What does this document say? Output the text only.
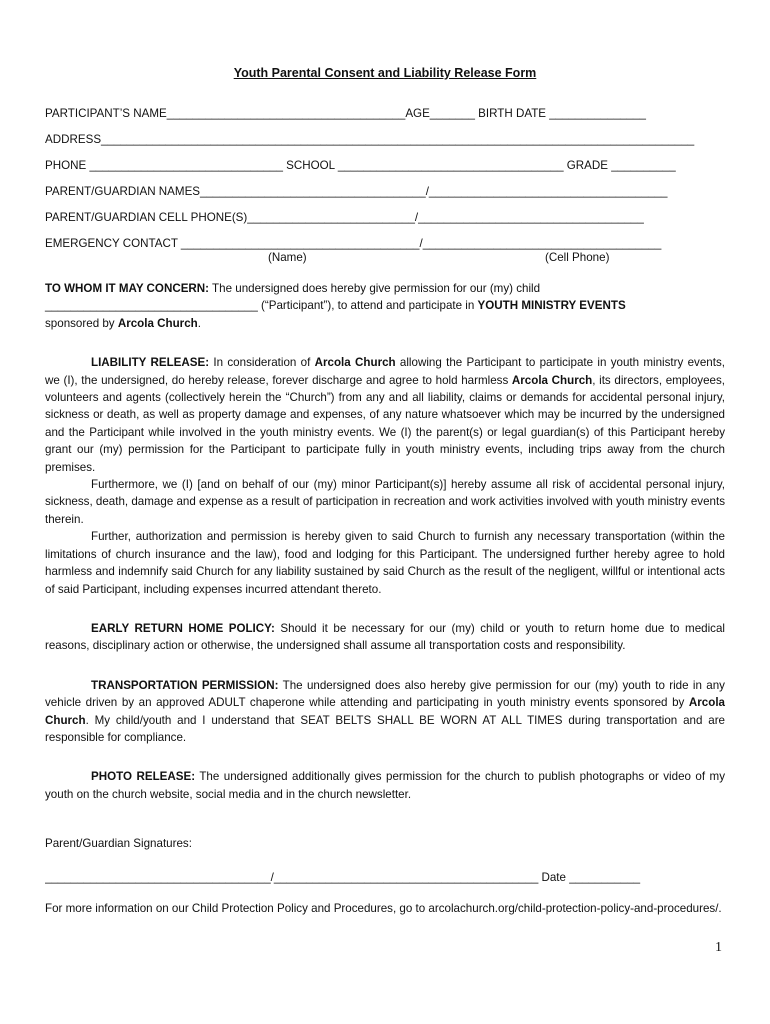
Youth Parental Consent and Liability Release Form
PARTICIPANT’S NAME_____________________________________AGE_______ BIRTH DATE _______________
ADDRESS____________________________________________________________________________________________
PHONE ______________________________ SCHOOL ___________________________________ GRADE __________
PARENT/GUARDIAN NAMES___________________________________/_____________________________________
PARENT/GUARDIAN CELL PHONE(S)__________________________/___________________________________
EMERGENCY CONTACT _____________________________________/_____________________________________
(Name)	(Cell Phone)

TO WHOM IT MAY CONCERN: The undersigned does hereby give permission for our (my) child
_________________________________ (“Participant”), to attend and participate in YOUTH MINISTRY EVENTS
sponsored by Arcola Church.

LIABILITY RELEASE: In consideration of Arcola Church allowing the Participant to participate in youth ministry events, we (I), the undersigned, do hereby release, forever discharge and agree to hold harmless Arcola Church, its directors, employees, volunteers and agents (collectively herein the “Church”) from any and all liability, claims or demands for accidental personal injury, sickness or death, as well as property damage and expenses, of any nature whatsoever which may be incurred by the undersigned and the Participant while involved in the youth ministry events. We (I) the parent(s) or legal guardian(s) of this Participant hereby grant our (my) permission for the Participant to participate fully in youth ministry events, including trips away from the church premises.

Furthermore, we (I) [and on behalf of our (my) minor Participant(s)] hereby assume all risk of accidental personal injury, sickness, death, damage and expense as a result of participation in recreation and work activities involved with youth ministry events therein.

Further, authorization and permission is hereby given to said Church to furnish any necessary transportation (within the limitations of church insurance and the law), food and lodging for this Participant. The undersigned further hereby agree to hold harmless and indemnify said Church for any liability sustained by said Church as the result of the negligent, willful or intentional acts of said Participant, including expenses incurred attendant thereto.

EARLY RETURN HOME POLICY: Should it be necessary for our (my) child or youth to return home due to medical reasons, disciplinary action or otherwise, the undersigned shall assume all transportation costs and responsibility.

TRANSPORTATION PERMISSION: The undersigned does also hereby give permission for our (my) youth to ride in any vehicle driven by an approved ADULT chaperone while attending and participating in youth ministry events sponsored by Arcola Church. My child/youth and I understand that SEAT BELTS SHALL BE WORN AT ALL TIMES during transportation and are responsible for compliance.

PHOTO RELEASE: The undersigned additionally gives permission for the church to publish photographs or video of my youth on the church website, social media and in the church newsletter.

Parent/Guardian Signatures:
___________________________________/_________________________________________ Date ___________

For more information on our Child Protection Policy and Procedures, go to arcolachurch.org/child-protection-policy-and-procedures/.

1
